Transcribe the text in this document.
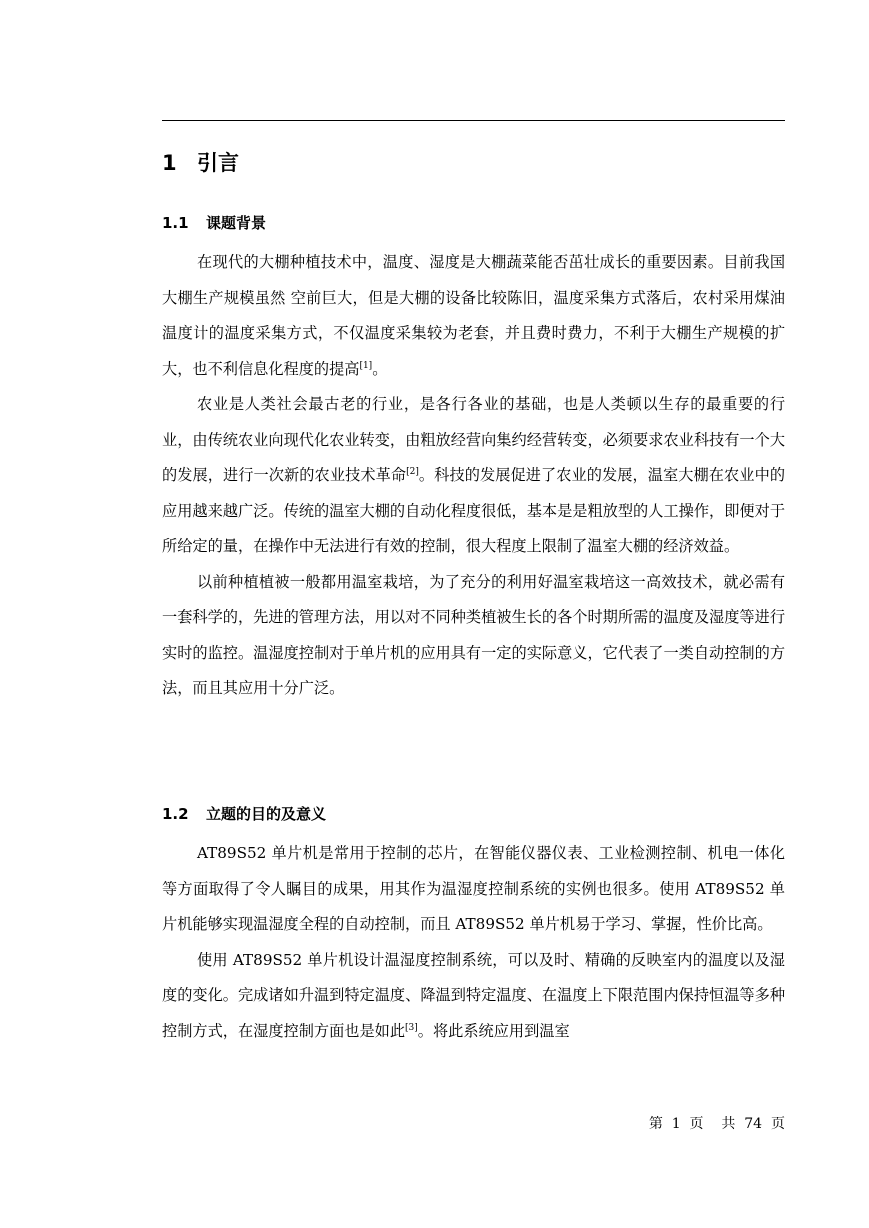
1 引言
1.1 课题背景

在现代的大棚种植技术中，温度、湿度是大棚蔬菜能否茁壮成长的重要因素。目前我国大棚生产规模虽然 空前巨大，但是大棚的设备比较陈旧，温度采集方式落后，农村采用煤油温度计的温度采集方式，不仅温度采集较为老套，并且费时费力，不利于大棚生产规模的扩大，也不利信息化程度的提高[1]。

农业是人类社会最古老的行业，是各行各业的基础，也是人类顿以生存的最重要的行业，由传统农业向现代化农业转变，由粗放经营向集约经营转变，必须要求农业科技有一个大的发展，进行一次新的农业技术革命[2]。科技的发展促进了农业的发展，温室大棚在农业中的应用越来越广泛。传统的温室大棚的自动化程度很低，基本是是粗放型的人工操作，即便对于所给定的量，在操作中无法进行有效的控制，很大程度上限制了温室大棚的经济效益。

以前种植植被一般都用温室栽培，为了充分的利用好温室栽培这一高效技术，就必需有一套科学的，先进的管理方法，用以对不同种类植被生长的各个时期所需的温度及湿度等进行实时的监控。温湿度控制对于单片机的应用具有一定的实际意义，它代表了一类自动控制的方法，而且其应用十分广泛。

1.2 立题的目的及意义

AT89S52 单片机是常用于控制的芯片，在智能仪器仪表、工业检测控制、机电一体化等方面取得了令人瞩目的成果，用其作为温湿度控制系统的实例也很多。使用 AT89S52 单片机能够实现温湿度全程的自动控制，而且 AT89S52 单片机易于学习、掌握，性价比高。

使用 AT89S52 单片机设计温湿度控制系统，可以及时、精确的反映室内的温度以及湿度的变化。完成诸如升温到特定温度、降温到特定温度、在温度上下限范围内保持恒温等多种控制方式，在湿度控制方面也是如此[3]。将此系统应用到温室

第 1 页 共 74 页
